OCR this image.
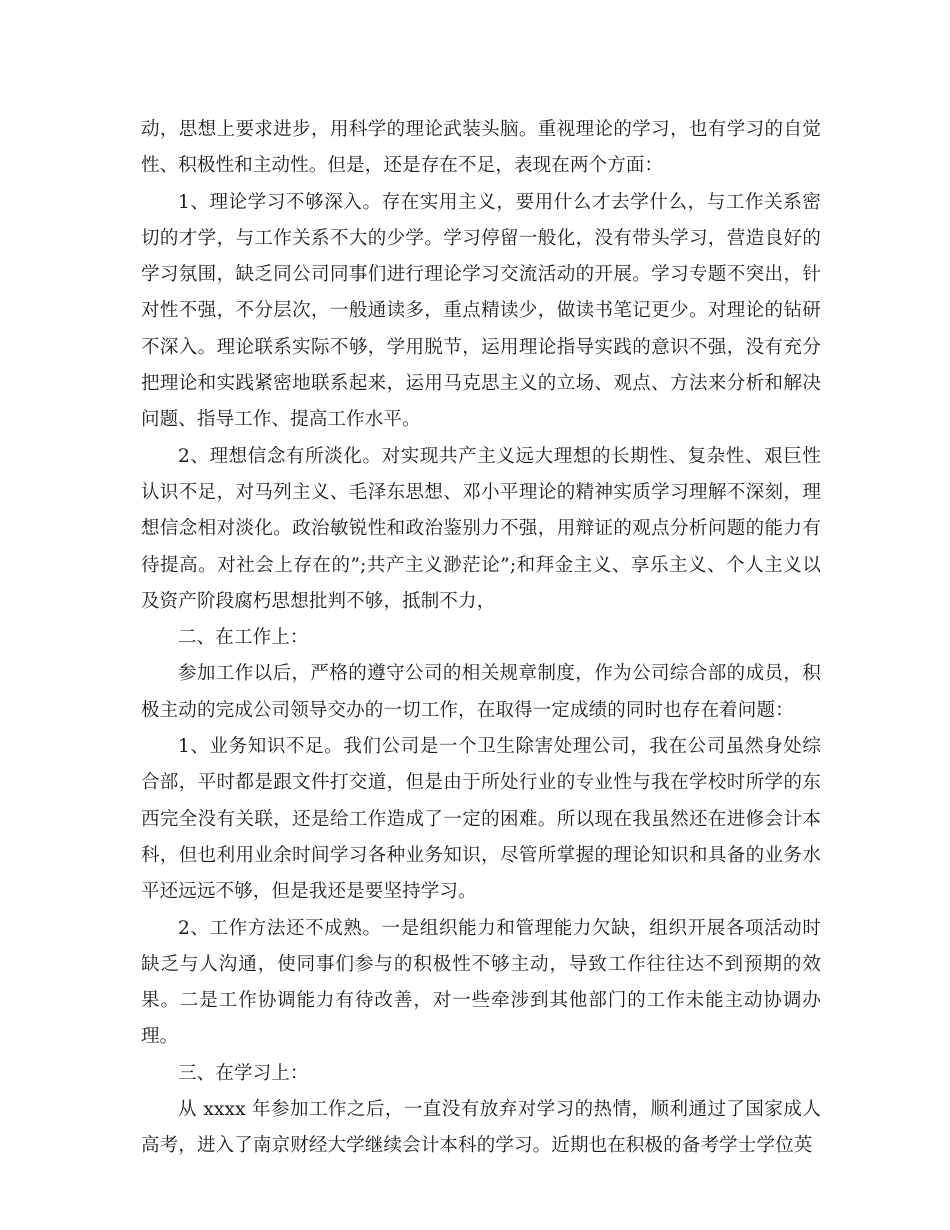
动，思想上要求进步，用科学的理论武装头脑。重视理论的学习，也有学习的自觉性、积极性和主动性。但是，还是存在不足，表现在两个方面：

1、理论学习不够深入。存在实用主义，要用什么才去学什么，与工作关系密切的才学，与工作关系不大的少学。学习停留一般化，没有带头学习，营造良好的学习氛围，缺乏同公司同事们进行理论学习交流活动的开展。学习专题不突出，针对性不强，不分层次，一般通读多，重点精读少，做读书笔记更少。对理论的钻研不深入。理论联系实际不够，学用脱节，运用理论指导实践的意识不强，没有充分把理论和实践紧密地联系起来，运用马克思主义的立场、观点、方法来分析和解决问题、指导工作、提高工作水平。

2、理想信念有所淡化。对实现共产主义远大理想的长期性、复杂性、艰巨性认识不足，对马列主义、毛泽东思想、邓小平理论的精神实质学习理解不深刻，理想信念相对淡化。政治敏锐性和政治鉴别力不强，用辩证的观点分析问题的能力有待提高。对社会上存在的”;共产主义渺茫论”;和拜金主义、享乐主义、个人主义以及资产阶段腐朽思想批判不够，抵制不力，

二、在工作上：

参加工作以后，严格的遵守公司的相关规章制度，作为公司综合部的成员，积极主动的完成公司领导交办的一切工作，在取得一定成绩的同时也存在着问题：

1、业务知识不足。我们公司是一个卫生除害处理公司，我在公司虽然身处综合部，平时都是跟文件打交道，但是由于所处行业的专业性与我在学校时所学的东西完全没有关联，还是给工作造成了一定的困难。所以现在我虽然还在进修会计本科，但也利用业余时间学习各种业务知识，尽管所掌握的理论知识和具备的业务水平还远远不够，但是我还是要坚持学习。

2、工作方法还不成熟。一是组织能力和管理能力欠缺，组织开展各项活动时缺乏与人沟通，使同事们参与的积极性不够主动，导致工作往往达不到预期的效果。二是工作协调能力有待改善，对一些牵涉到其他部门的工作未能主动协调办理。

三、在学习上：

从 xxxx 年参加工作之后，一直没有放弃对学习的热情，顺利通过了国家成人高考，进入了南京财经大学继续会计本科的学习。近期也在积极的备考学士学位英
